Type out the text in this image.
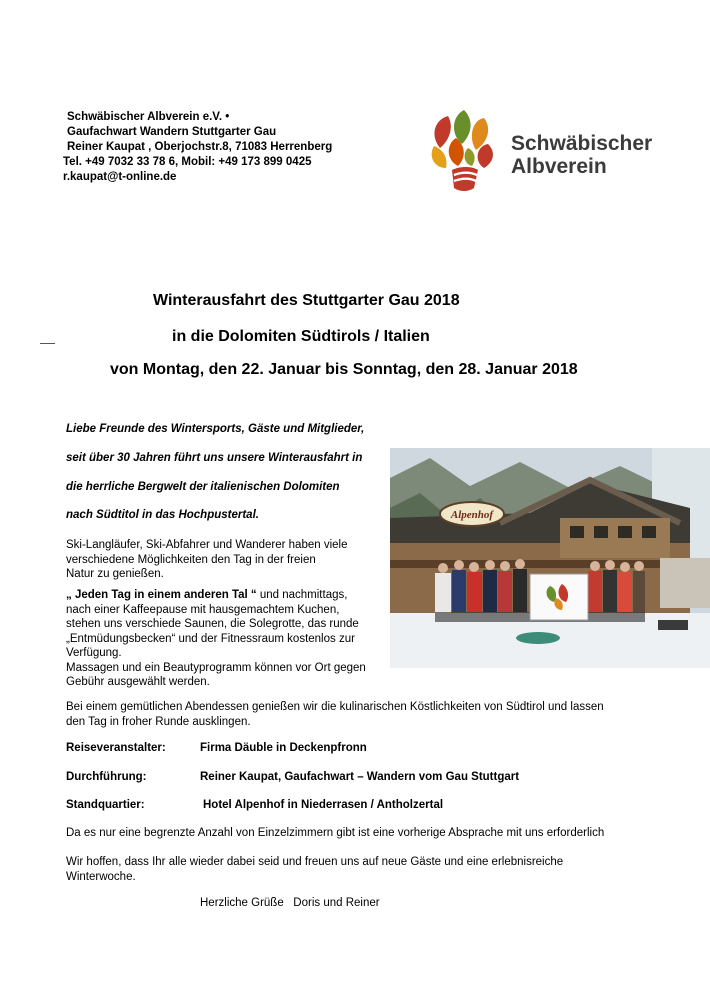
Schwäbischer Albverein e.V. •
Gaufachwart Wandern Stuttgarter Gau
Reiner Kaupat , Oberjochstr.8, 71083 Herrenberg
Tel. +49 7032 33 78 6, Mobil: +49 173 899 0425
r.kaupat@t-online.de
Schwäbischer
Albverein
Winterausfahrt des Stuttgarter Gau 2018
in die Dolomiten Südtirols / Italien
von Montag, den 22. Januar bis Sonntag, den 28. Januar 2018
Liebe Freunde des Wintersports, Gäste und Mitglieder,
seit über 30 Jahren führt uns unsere Winterausfahrt in
die herrliche Bergwelt der italienischen Dolomiten
nach Südtitol in das Hochpustertal.
Ski-Langläufer, Ski-Abfahrer und Wanderer haben viele
verschiedene Möglichkeiten den Tag in der freien
Natur zu genießen.
„ Jeden Tag in einem anderen Tal “ und nachmittags,
nach einer Kaffeepause mit hausgemachtem Kuchen,
stehen uns verschiede Saunen, die Solegrotte, das runde
„Entmüdungsbecken“ und der Fitnessraum kostenlos zur
Verfügung.
Massagen und ein Beautyprogramm können vor Ort gegen
Gebühr ausgewählt werden.
Alpenhof
Bei einem gemütlichen Abendessen genießen wir die kulinarischen Köstlichkeiten von Südtirol und lassen
den Tag in froher Runde ausklingen.
Reiseveranstalter:	Firma Däuble in Deckenpfronn
Durchführung:	Reiner Kaupat, Gaufachwart – Wandern vom Gau Stuttgart
Standquartier:	Hotel Alpenhof in Niederrasen / Antholzertal
Da es nur eine begrenzte Anzahl von Einzelzimmern gibt ist eine vorherige Absprache mit uns erforderlich
Wir hoffen, dass Ihr alle wieder dabei seid und freuen uns auf neue Gäste und eine erlebnisreiche
Winterwoche.
Herzliche Grüße   Doris und Reiner
